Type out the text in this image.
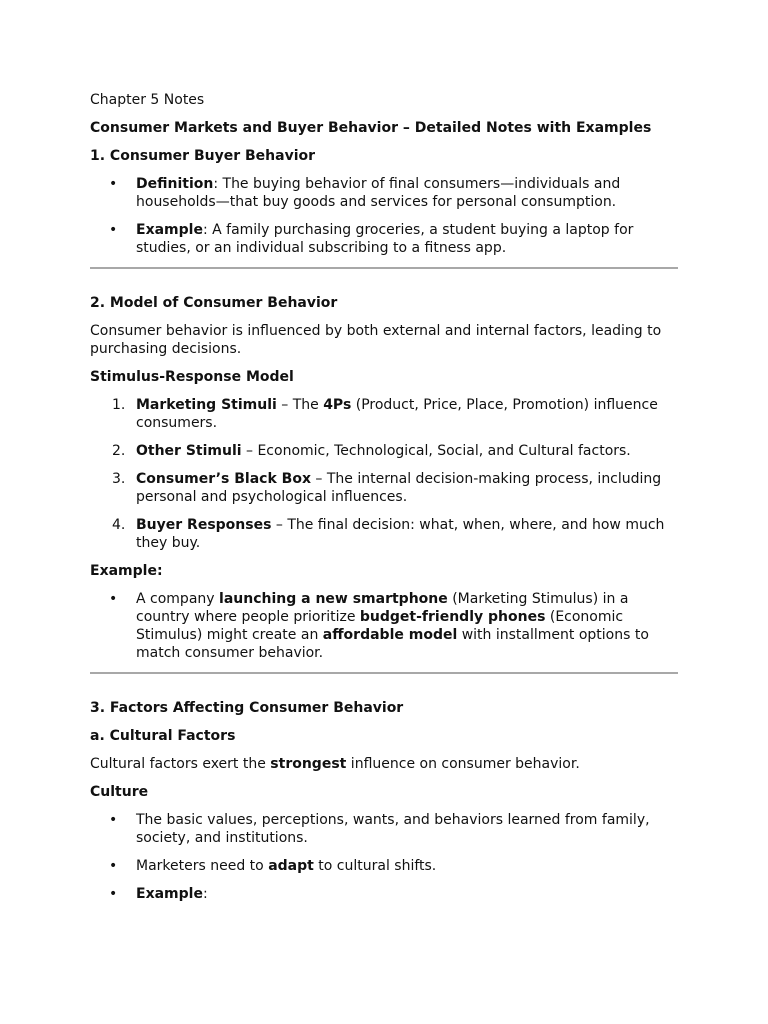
Chapter 5 Notes

Consumer Markets and Buyer Behavior – Detailed Notes with Examples

1. Consumer Buyer Behavior

•	Definition: The buying behavior of final consumers—individuals and households—that buy goods and services for personal consumption.
•	Example: A family purchasing groceries, a student buying a laptop for studies, or an individual subscribing to a fitness app.

2. Model of Consumer Behavior

Consumer behavior is influenced by both external and internal factors, leading to purchasing decisions.

Stimulus-Response Model

1. Marketing Stimuli – The 4Ps (Product, Price, Place, Promotion) influence consumers.
2. Other Stimuli – Economic, Technological, Social, and Cultural factors.
3. Consumer’s Black Box – The internal decision-making process, including personal and psychological influences.
4. Buyer Responses – The final decision: what, when, where, and how much they buy.

Example:

•	A company launching a new smartphone (Marketing Stimulus) in a country where people prioritize budget-friendly phones (Economic Stimulus) might create an affordable model with installment options to match consumer behavior.

3. Factors Affecting Consumer Behavior

a. Cultural Factors

Cultural factors exert the strongest influence on consumer behavior.

Culture

•	The basic values, perceptions, wants, and behaviors learned from family, society, and institutions.
•	Marketers need to adapt to cultural shifts.
•	Example:
